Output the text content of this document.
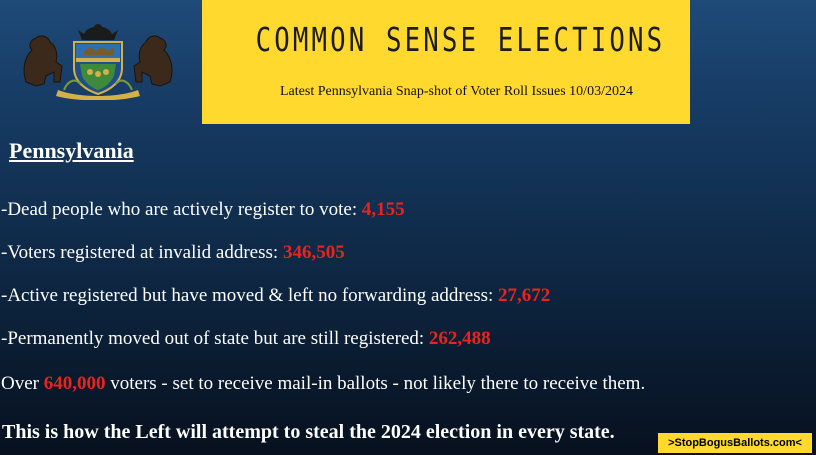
COMMON SENSE ELECTIONS
Latest Pennsylvania Snap-shot of Voter Roll Issues 10/03/2024
Pennsylvania
-Dead people who are actively register to vote: 4,155
-Voters registered at invalid address: 346,505
-Active registered but have moved & left no forwarding address: 27,672
-Permanently moved out of state but are still registered: 262,488
Over 640,000 voters - set to receive mail-in ballots - not likely there to receive them.
This is how the Left will attempt to steal the 2024 election in every state.	>StopBogusBallots.com<
